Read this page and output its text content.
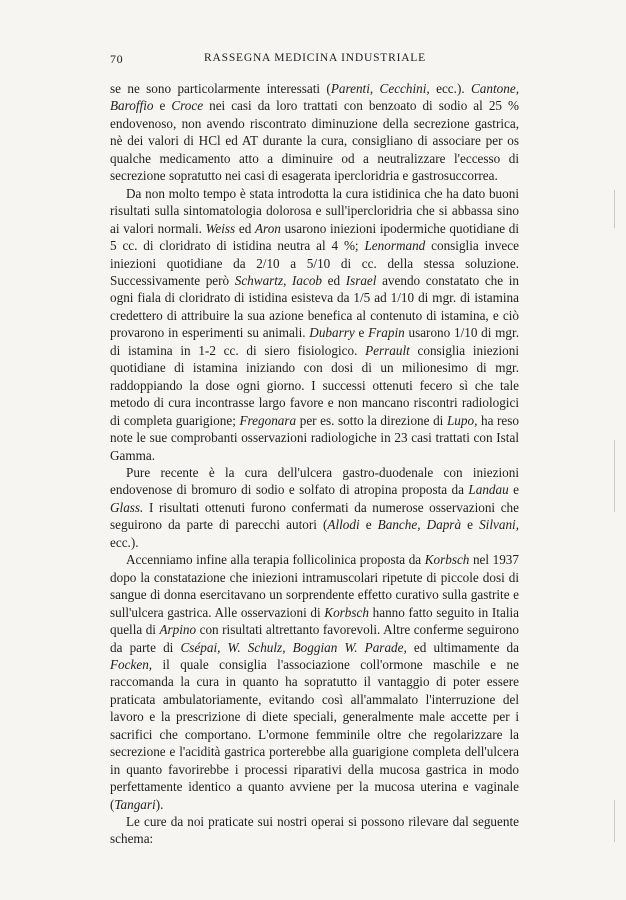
70	RASSEGNA MEDICINA INDUSTRIALE

se ne sono particolarmente interessati (Parenti, Cecchini, ecc.). Cantone, Baroffio e Croce nei casi da loro trattati con benzoato di sodio al 25 % endovenoso, non avendo riscontrato diminuzione della secrezione gastrica, nè dei valori di HCl ed AT durante la cura, consigliano di associare per os qualche medicamento atto a diminuire od a neutralizzare l'eccesso di secrezione sopratutto nei casi di esagerata ipercloridria e gastrosuccorrea.

Da non molto tempo è stata introdotta la cura istidinica che ha dato buoni risultati sulla sintomatologia dolorosa e sull'ipercloridria che si abbassa sino ai valori normali. Weiss ed Aron usarono iniezioni ipodermiche quotidiane di 5 cc. di cloridrato di istidina neutra al 4 %; Lenormand consiglia invece iniezioni quotidiane da 2/10 a 5/10 di cc. della stessa soluzione. Successivamente però Schwartz, Iacob ed Israel avendo constatato che in ogni fiala di cloridrato di istidina esisteva da 1/5 ad 1/10 di mgr. di istamina credettero di attribuire la sua azione benefica al contenuto di istamina, e ciò provarono in esperimenti su animali. Dubarry e Frapin usarono 1/10 di mgr. di istamina in 1-2 cc. di siero fisiologico. Perrault consiglia iniezioni quotidiane di istamina iniziando con dosi di un milionesimo di mgr. raddoppiando la dose ogni giorno. I successi ottenuti fecero sì che tale metodo di cura incontrasse largo favore e non mancano riscontri radiologici di completa guarigione; Fregonara per es. sotto la direzione di Lupo, ha reso note le sue comprobanti osservazioni radiologiche in 23 casi trattati con Istal Gamma.

Pure recente è la cura dell'ulcera gastro-duodenale con iniezioni endovenose di bromuro di sodio e solfato di atropina proposta da Landau e Glass. I risultati ottenuti furono confermati da numerose osservazioni che seguirono da parte di parecchi autori (Allodi e Banche, Daprà e Silvani, ecc.).

Accenniamo infine alla terapia follicolinica proposta da Korbsch nel 1937 dopo la constatazione che iniezioni intramuscolari ripetute di piccole dosi di sangue di donna esercitavano un sorprendente effetto curativo sulla gastrite e sull'ulcera gastrica. Alle osservazioni di Korbsch hanno fatto seguito in Italia quella di Arpino con risultati altrettanto favorevoli. Altre conferme seguirono da parte di Csépai, W. Schulz, Boggian W. Parade, ed ultimamente da Focken, il quale consiglia l'associazione coll'ormone maschile e ne raccomanda la cura in quanto ha sopratutto il vantaggio di poter essere praticata ambulatoriamente, evitando così all'ammalato l'interruzione del lavoro e la prescrizione di diete speciali, generalmente male accette per i sacrifici che comportano. L'ormone femminile oltre che regolarizzare la secrezione e l'acidità gastrica porterebbe alla guarigione completa dell'ulcera in quanto favorirebbe i processi riparativi della mucosa gastrica in modo perfettamente identico a quanto avviene per la mucosa uterina e vaginale (Tangari).

Le cure da noi praticate sui nostri operai si possono rilevare dal seguente schema:
